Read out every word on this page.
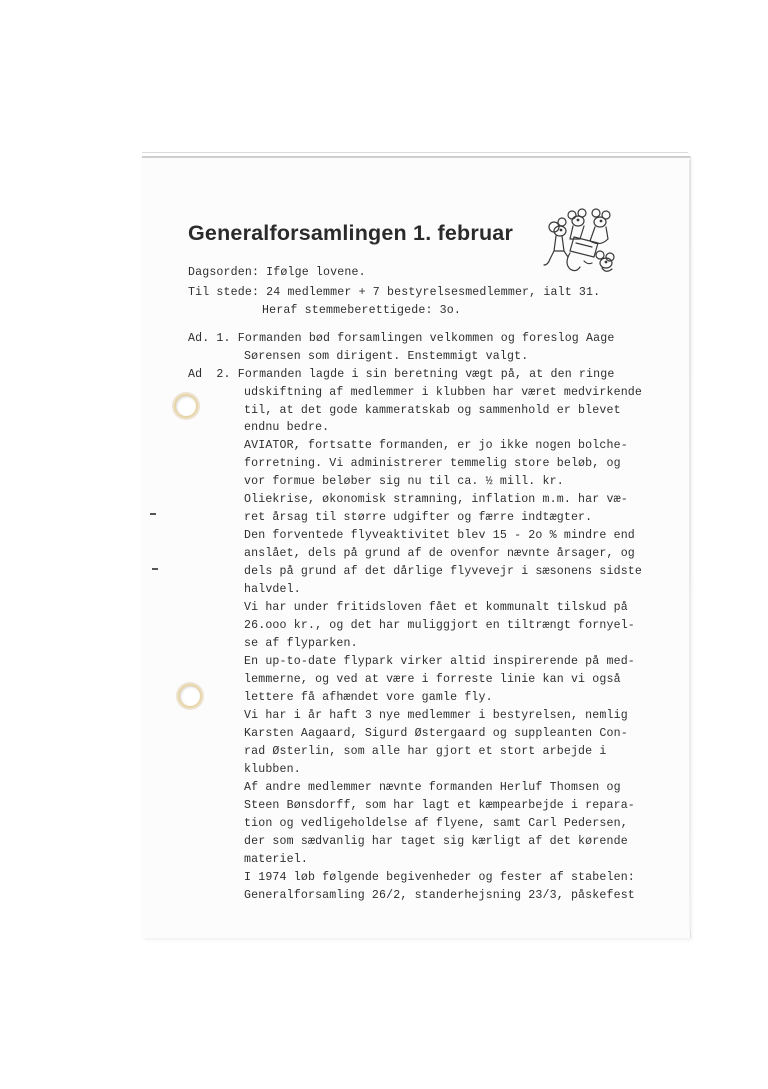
Generalforsamlingen 1. februar

Dagsorden: Ifølge lovene.

Til stede: 24 medlemmer + 7 bestyrelsesmedlemmer, ialt 31.

Heraf stemmeberettigede: 3o.

Ad. 1. Formanden bød forsamlingen velkommen og foreslog Aage

Sørensen som dirigent. Enstemmigt valgt.

Ad  2. Formanden lagde i sin beretning vægt på, at den ringe

udskiftning af medlemmer i klubben har været medvirkende

til, at det gode kammeratskab og sammenhold er blevet

endnu bedre.

AVIATOR, fortsatte formanden, er jo ikke nogen bolche-

forretning. Vi administrerer temmelig store beløb, og

vor formue beløber sig nu til ca. ½ mill. kr.

Oliekrise, økonomisk stramning, inflation m.m. har væ-

ret årsag til større udgifter og færre indtægter.

Den forventede flyveaktivitet blev 15 - 2o % mindre end

anslået, dels på grund af de ovenfor nævnte årsager, og

dels på grund af det dårlige flyvevejr i sæsonens sidste

halvdel.

Vi har under fritidsloven fået et kommunalt tilskud på

26.ooo kr., og det har muliggjort en tiltrængt fornyel-

se af flyparken.

En up-to-date flypark virker altid inspirerende på med-

lemmerne, og ved at være i forreste linie kan vi også

lettere få afhændet vore gamle fly.

Vi har i år haft 3 nye medlemmer i bestyrelsen, nemlig

Karsten Aagaard, Sigurd Østergaard og suppleanten Con-

rad Østerlin, som alle har gjort et stort arbejde i

klubben.

Af andre medlemmer nævnte formanden Herluf Thomsen og

Steen Bønsdorff, som har lagt et kæmpearbejde i repara-

tion og vedligeholdelse af flyene, samt Carl Pedersen,

der som sædvanlig har taget sig kærligt af det kørende

materiel.

I 1974 løb følgende begivenheder og fester af stabelen:

Generalforsamling 26/2, standerhejsning 23/3, påskefest
